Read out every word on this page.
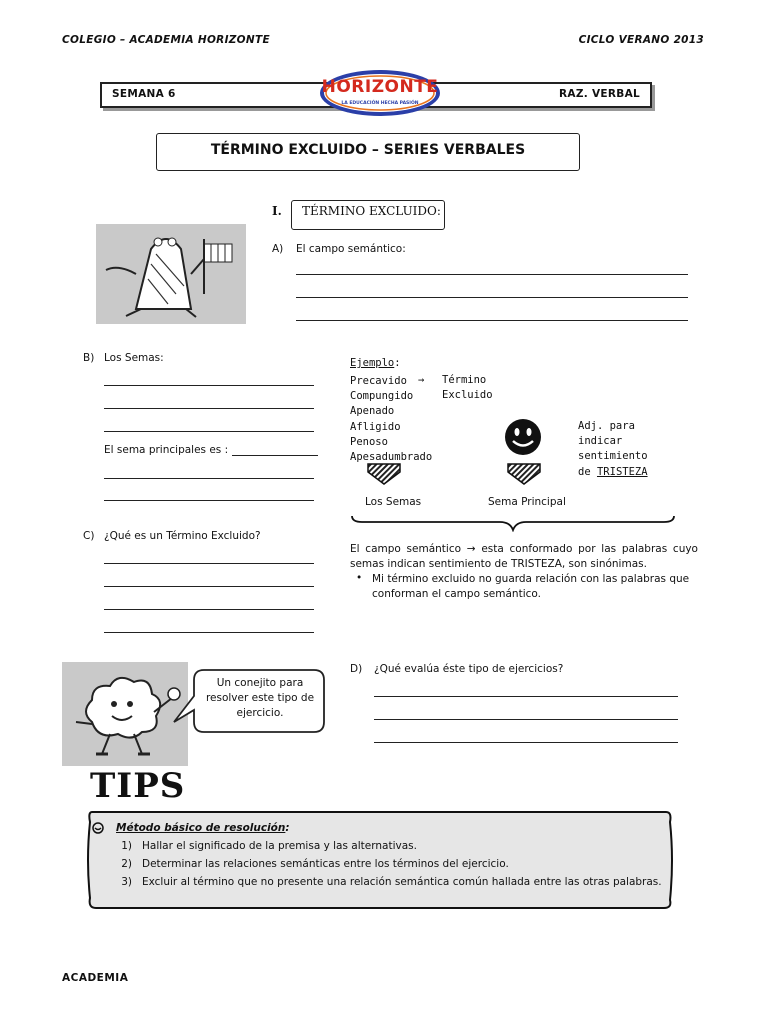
COLEGIO – ACADEMIA HORIZONTE	CICLO VERANO 2013
SEMANA 6	RAZ. VERBAL
HORIZONTE
LA EDUCACIÓN HECHA PASIÓN
TÉRMINO EXCLUIDO – SERIES VERBALES
I. TÉRMINO EXCLUIDO:
A) El campo semántico:
B) Los Semas:
El sema principales es :
Ejemplo:
Precavido
Compungido
Apenado
Afligido
Penoso
Apesadumbrado
→ Término
Excluido
Adj. para
indicar
sentimiento
de TRISTEZA
Los Semas	Sema Principal
El campo semántico → esta conformado por las palabras cuyo semas indican sentimiento de TRISTEZA, son sinónimas.
• Mi término excluido no guarda relación con las palabras que conforman el campo semántico.
C) ¿Qué es un Término Excluido?
Un conejito para resolver este tipo de ejercicio.
D) ¿Qué evalúa éste tipo de ejercicios?
TIPS
Método básico de resolución:
1) Hallar el significado de la premisa y las alternativas.
2) Determinar las relaciones semánticas entre los términos del ejercicio.
3) Excluir al término que no presente una relación semántica común hallada entre las otras palabras.
ACADEMIA
